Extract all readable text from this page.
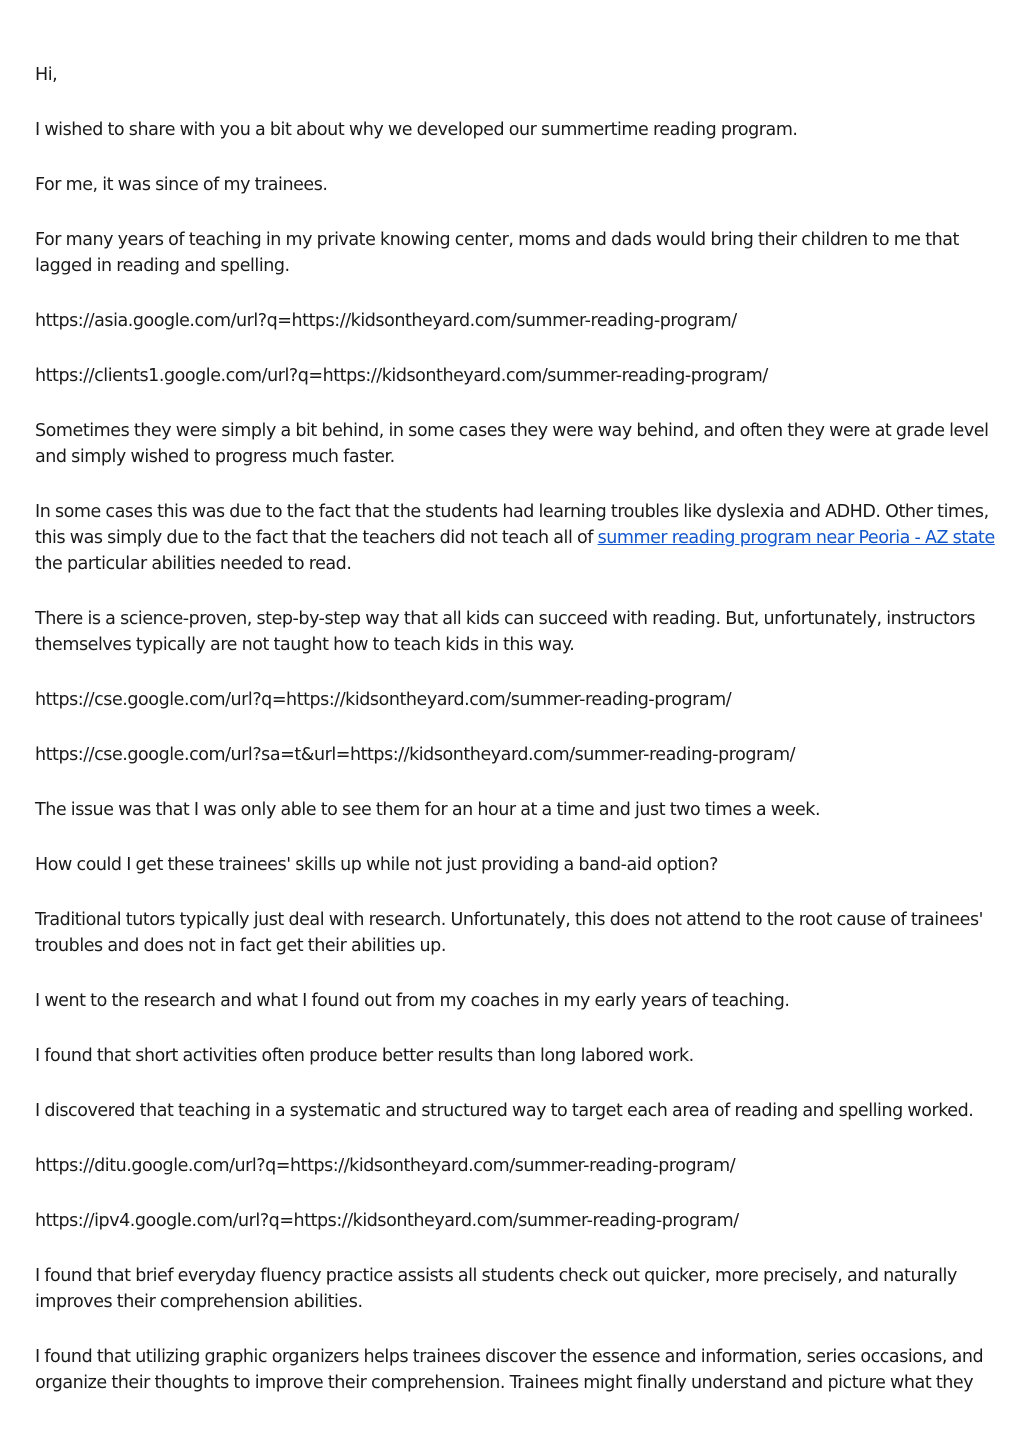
Hi,

I wished to share with you a bit about why we developed our summertime reading program.

For me, it was since of my trainees.

For many years of teaching in my private knowing center, moms and dads would bring their children to me that lagged in reading and spelling.

https://asia.google.com/url?q=https://kidsontheyard.com/summer-reading-program/

https://clients1.google.com/url?q=https://kidsontheyard.com/summer-reading-program/

Sometimes they were simply a bit behind, in some cases they were way behind, and often they were at grade level and simply wished to progress much faster.

In some cases this was due to the fact that the students had learning troubles like dyslexia and ADHD. Other times, this was simply due to the fact that the teachers did not teach all of summer reading program near Peoria - AZ state the particular abilities needed to read.

There is a science-proven, step-by-step way that all kids can succeed with reading. But, unfortunately, instructors themselves typically are not taught how to teach kids in this way.

https://cse.google.com/url?q=https://kidsontheyard.com/summer-reading-program/

https://cse.google.com/url?sa=t&url=https://kidsontheyard.com/summer-reading-program/

The issue was that I was only able to see them for an hour at a time and just two times a week.

How could I get these trainees' skills up while not just providing a band-aid option?

Traditional tutors typically just deal with research. Unfortunately, this does not attend to the root cause of trainees' troubles and does not in fact get their abilities up.

I went to the research and what I found out from my coaches in my early years of teaching.

I found that short activities often produce better results than long labored work.

I discovered that teaching in a systematic and structured way to target each area of reading and spelling worked.

https://ditu.google.com/url?q=https://kidsontheyard.com/summer-reading-program/

https://ipv4.google.com/url?q=https://kidsontheyard.com/summer-reading-program/

I found that brief everyday fluency practice assists all students check out quicker, more precisely, and naturally improves their comprehension abilities.

I found that utilizing graphic organizers helps trainees discover the essence and information, series occasions, and organize their thoughts to improve their comprehension. Trainees might finally understand and picture what they
